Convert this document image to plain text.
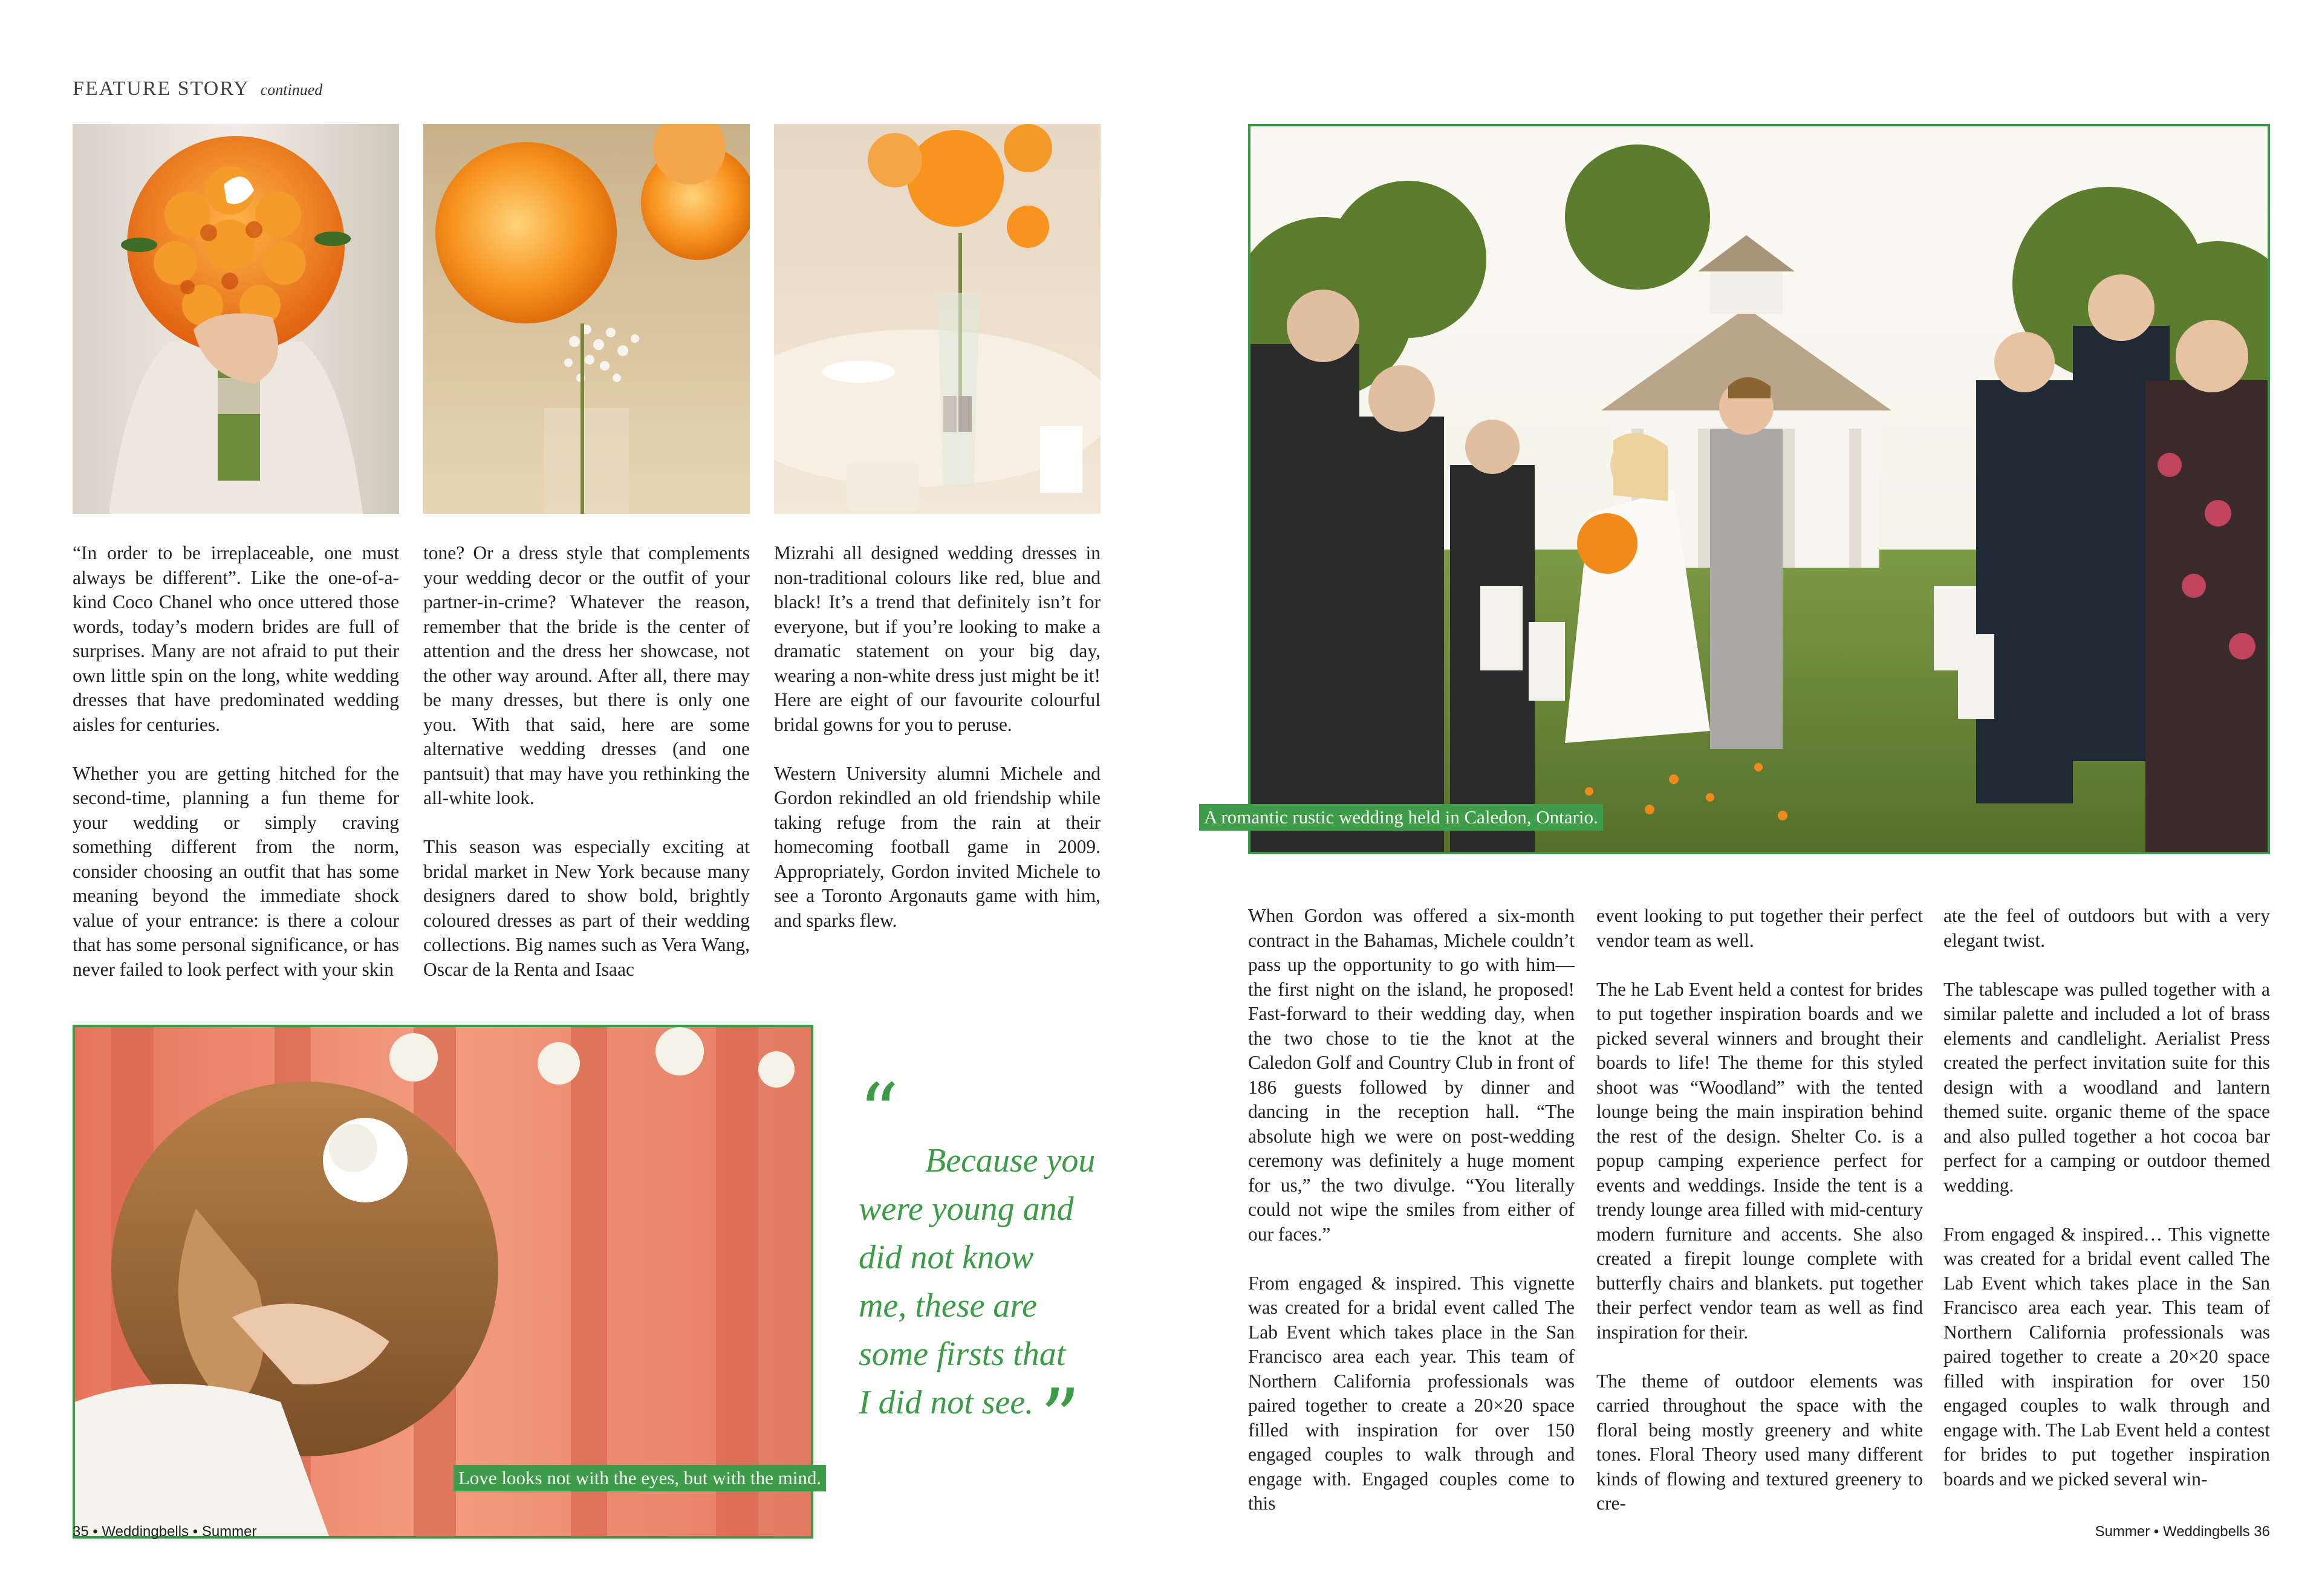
FEATURE STORY continued

“In order to be irreplaceable, one must always be different”. Like the one-of-a-kind Coco Chanel who once uttered those words, today’s modern brides are full of surprises. Many are not afraid to put their own little spin on the long, white wedding dresses that have predominated wedding aisles for centuries.

Whether you are getting hitched for the second-time, planning a fun theme for your wedding or simply craving something different from the norm, consider choosing an outfit that has some meaning beyond the immediate shock value of your entrance: is there a colour that has some personal significance, or has never failed to look perfect with your skin

tone? Or a dress style that complements your wedding decor or the outfit of your partner-in-crime? Whatever the reason, remember that the bride is the center of attention and the dress her showcase, not the other way around. After all, there may be many dresses, but there is only one you. With that said, here are some alternative wedding dresses (and one pantsuit) that may have you rethinking the all-white look.

This season was especially exciting at bridal market in New York because many designers dared to show bold, brightly coloured dresses as part of their wedding collections. Big names such as Vera Wang, Oscar de la Renta and Isaac

Mizrahi all designed wedding dresses in non-traditional colours like red, blue and black! It’s a trend that definitely isn’t for everyone, but if you’re looking to make a dramatic statement on your big day, wearing a non-white dress just might be it! Here are eight of our favourite colourful bridal gowns for you to peruse.

Western University alumni Michele and Gordon rekindled an old friendship while taking refuge from the rain at their homecoming football game in 2009. Appropriately, Gordon invited Michele to see a Toronto Argonauts game with him, and sparks flew.

Love looks not with the eyes, but with the mind.
“
Because you
were young and
did not know
me, these are
some firsts that
I did not see. ”
35 • Weddingbells • Summer
A romantic rustic wedding held in Caledon, Ontario.

When Gordon was offered a six-month contract in the Bahamas, Michele couldn’t pass up the opportunity to go with him—the first night on the island, he proposed! Fast-forward to their wedding day, when the two chose to tie the knot at the Caledon Golf and Country Club in front of 186 guests followed by dinner and dancing in the reception hall. “The absolute high we were on post-wedding ceremony was definitely a huge moment for us,” the two divulge. “You literally could not wipe the smiles from either of our faces.”

From engaged & inspired. This vignette was created for a bridal event called The Lab Event which takes place in the San Francisco area each year. This team of Northern California professionals was paired together to create a 20×20 space filled with inspiration for over 150 engaged couples to walk through and engage with. Engaged couples come to this

event looking to put together their perfect vendor team as well.

The he Lab Event held a contest for brides to put together inspiration boards and we picked several winners and brought their boards to life! The theme for this styled shoot was “Woodland” with the tented lounge being the main inspiration behind the rest of the design. Shelter Co. is a popup camping experience perfect for events and weddings. Inside the tent is a trendy lounge area filled with mid-century modern furniture and accents. She also created a firepit lounge complete with butterfly chairs and blankets. put together their perfect vendor team as well as find inspiration for their.

The theme of outdoor elements was carried throughout the space with the floral being mostly greenery and white tones. Floral Theory used many different kinds of flowing and textured greenery to cre-

ate the feel of outdoors but with a very elegant twist.

The tablescape was pulled together with a similar palette and included a lot of brass elements and candlelight. Aerialist Press created the perfect invitation suite for this design with a woodland and lantern themed suite. organic theme of the space and also pulled together a hot cocoa bar perfect for a camping or outdoor themed wedding.

From engaged & inspired… This vignette was created for a bridal event called The Lab Event which takes place in the San Francisco area each year. This team of Northern California professionals was paired together to create a 20×20 space filled with inspiration for over 150 engaged couples to walk through and engage with. The Lab Event held a contest for brides to put together inspiration boards and we picked several win-

Summer • Weddingbells 36
